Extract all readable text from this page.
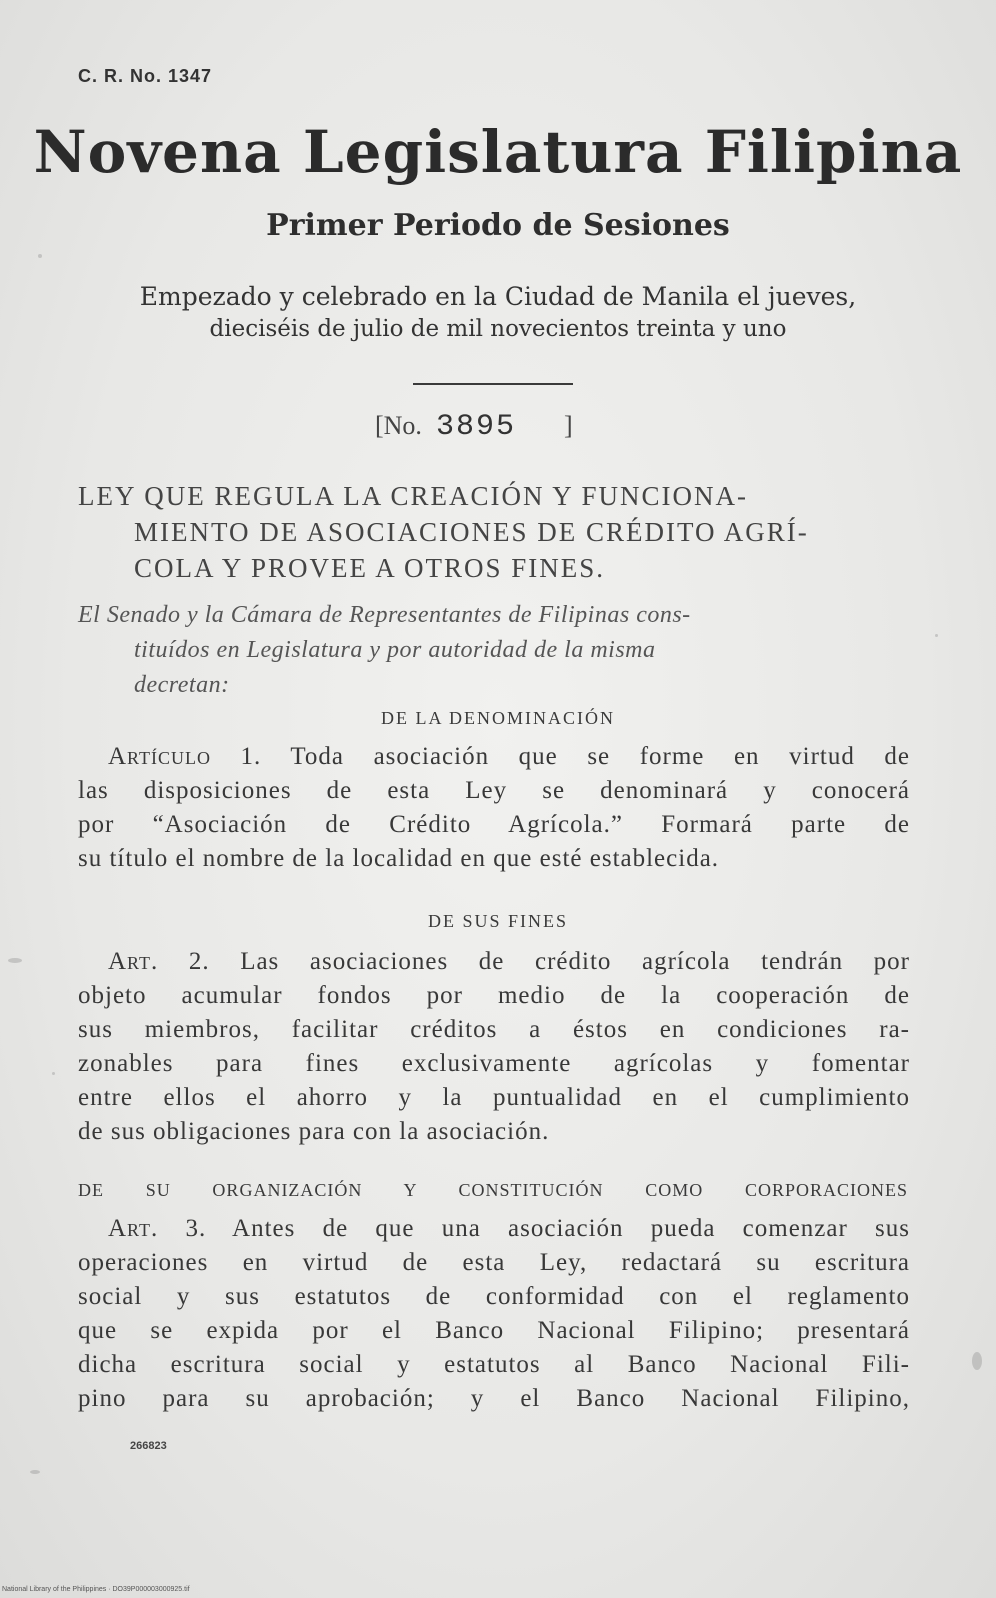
C. R. No. 1347
Novena Legislatura Filipina
Primer Periodo de Sesiones
Empezado y celebrado en la Ciudad de Manila el jueves,
dieciséis de julio de mil novecientos treinta y uno
[No. 3895 ]
LEY QUE REGULA LA CREACIÓN Y FUNCIONA-
MIENTO DE ASOCIACIONES DE CRÉDITO AGRÍ-
COLA Y PROVEE A OTROS FINES.
El Senado y la Cámara de Representantes de Filipinas cons-
tituídos en Legislatura y por autoridad de la misma
decretan:
DE LA DENOMINACIÓN
Artículo 1. Toda asociación que se forme en virtud de
las disposiciones de esta Ley se denominará y conocerá
por “Asociación de Crédito Agrícola.” Formará parte de
su título el nombre de la localidad en que esté establecida.
DE SUS FINES
Art. 2. Las asociaciones de crédito agrícola tendrán por
objeto acumular fondos por medio de la cooperación de
sus miembros, facilitar créditos a éstos en condiciones ra-
zonables para fines exclusivamente agrícolas y fomentar
entre ellos el ahorro y la puntualidad en el cumplimiento
de sus obligaciones para con la asociación.
DE SU ORGANIZACIÓN Y CONSTITUCIÓN COMO CORPORACIONES
Art. 3. Antes de que una asociación pueda comenzar sus
operaciones en virtud de esta Ley, redactará su escritura
social y sus estatutos de conformidad con el reglamento
que se expida por el Banco Nacional Filipino; presentará
dicha escritura social y estatutos al Banco Nacional Fili-
pino para su aprobación; y el Banco Nacional Filipino,
266823
National Library of the Philippines · DO39P000003000925.tif
